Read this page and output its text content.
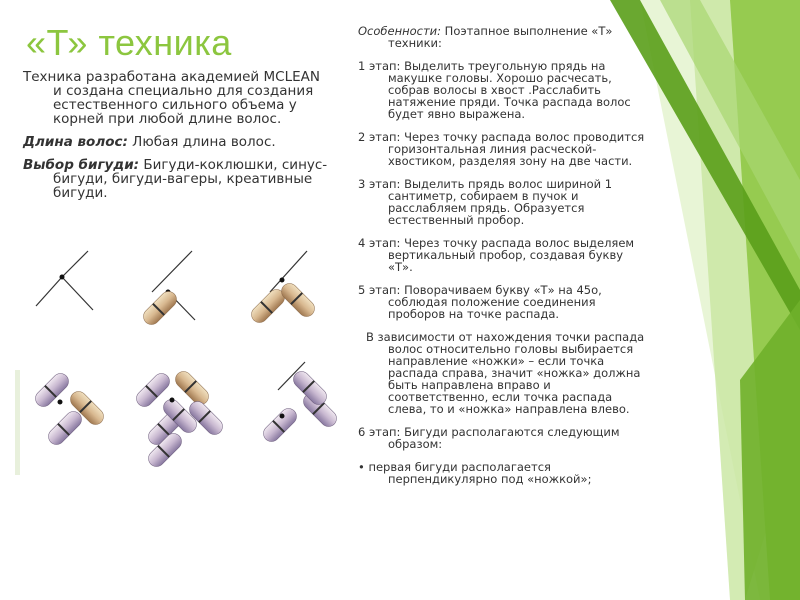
«Т» техника

Техника разработана академией MCLEAN и создана специально для создания естественного сильного объема у корней при любой длине волос.

Длина волос: Любая длина волос.

Выбор бигуди: Бигуди-коклюшки, синус-бигуди, бигуди-вагеры, креативные бигуди.

Особенности: Поэтапное выполнение «Т» техники:

1 этап: Выделить треугольную прядь на макушке головы. Хорошо расчесать, собрав волосы в хвост .Расслабить натяжение пряди. Точка распада волос будет явно выражена.

2 этап: Через точку распада волос проводится горизонтальная линия расческой-хвостиком, разделяя зону на две части.

3 этап: Выделить прядь волос шириной 1 сантиметр, собираем в пучок и расслабляем прядь. Образуется естественный пробор.

4 этап: Через точку распада волос выделяем вертикальный пробор, создавая букву «Т».

5 этап: Поворачиваем букву «Т» на 45о, соблюдая положение соединения проборов на точке распада.

В зависимости от нахождения точки распада волос относительно головы выбирается направление «ножки» – если точка распада справа, значит «ножка» должна быть направлена вправо и соответственно, если точка распада слева, то и «ножка» направлена влево.

6 этап: Бигуди располагаются следующим образом:

• первая бигуди располагается перпендикулярно под «ножкой»;
